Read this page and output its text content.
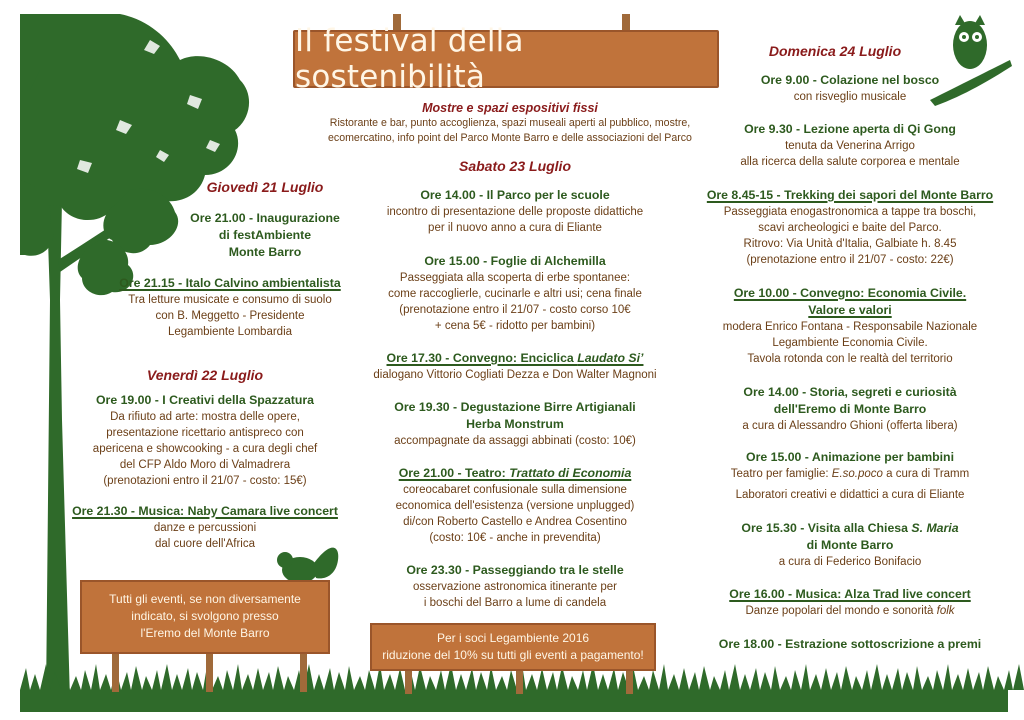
Il festival della sostenibilità
Mostre e spazi espositivi fissi
Ristorante e bar, punto accoglienza, spazi museali aperti al pubblico, mostre,
ecomercatino, info point del Parco Monte Barro e delle associazioni del Parco
Giovedì 21 Luglio
Ore 21.00 - Inaugurazione
di festAmbiente
Monte Barro
Ore 21.15 - Italo Calvino ambientalista
Tra letture musicate e consumo di suolo
con B. Meggetto - Presidente
Legambiente Lombardia
Venerdì 22 Luglio
Ore 19.00 - I Creativi della Spazzatura
Da rifiuto ad arte: mostra delle opere,
presentazione ricettario antispreco con
apericena e showcooking - a cura degli chef
del CFP Aldo Moro di Valmadrera
(prenotazioni entro il 21/07 - costo: 15€)
Ore 21.30 - Musica: Naby Camara live concert
danze e percussioni
dal cuore dell'Africa
Tutti gli eventi, se non diversamente
indicato, si svolgono presso
l'Eremo del Monte Barro
Sabato 23 Luglio
Ore 14.00 - Il Parco per le scuole
incontro di presentazione delle proposte didattiche
per il nuovo anno a cura di Eliante
Ore 15.00 - Foglie di Alchemilla
Passeggiata alla scoperta di erbe spontanee:
come raccoglierle, cucinarle e altri usi; cena finale
(prenotazione entro il 21/07 - costo corso 10€
+ cena 5€ - ridotto per bambini)
Ore 17.30 - Convegno: Enciclica Laudato Si’
dialogano Vittorio Cogliati Dezza e Don Walter Magnoni
Ore 19.30 - Degustazione Birre Artigianali
Herba Monstrum
accompagnate da assaggi abbinati (costo: 10€)
Ore 21.00 - Teatro: Trattato di Economia
coreocabaret confusionale sulla dimensione
economica dell'esistenza (versione unplugged)
di/con Roberto Castello e Andrea Cosentino
(costo: 10€ - anche in prevendita)
Ore 23.30 - Passeggiando tra le stelle
osservazione astronomica itinerante per
i boschi del Barro a lume di candela
Per i soci Legambiente 2016
riduzione del 10% su tutti gli eventi a pagamento!
Domenica 24 Luglio
Ore 9.00 - Colazione nel bosco
con risveglio musicale
Ore 9.30 - Lezione aperta di Qi Gong
tenuta da Venerina Arrigo
alla ricerca della salute corporea e mentale
Ore 8.45-15 - Trekking dei sapori del Monte Barro
Passeggiata enogastronomica a tappe tra boschi,
scavi archeologici e baite del Parco.
Ritrovo: Via Unità d'Italia, Galbiate h. 8.45
(prenotazione entro il 21/07 - costo: 22€)
Ore 10.00 - Convegno: Economia Civile.
Valore e valori
modera Enrico Fontana - Responsabile Nazionale
Legambiente Economia Civile.
Tavola rotonda con le realtà del territorio
Ore 14.00 - Storia, segreti e curiosità
dell'Eremo di Monte Barro
a cura di Alessandro Ghioni (offerta libera)
Ore 15.00 - Animazione per bambini
Teatro per famiglie: E.so.poco a cura di Tramm
Laboratori creativi e didattici a cura di Eliante
Ore 15.30 - Visita alla Chiesa S. Maria
di Monte Barro
a cura di Federico Bonifacio
Ore 16.00 - Musica: Alza Trad live concert
Danze popolari del mondo e sonorità folk
Ore 18.00 - Estrazione sottoscrizione a premi
